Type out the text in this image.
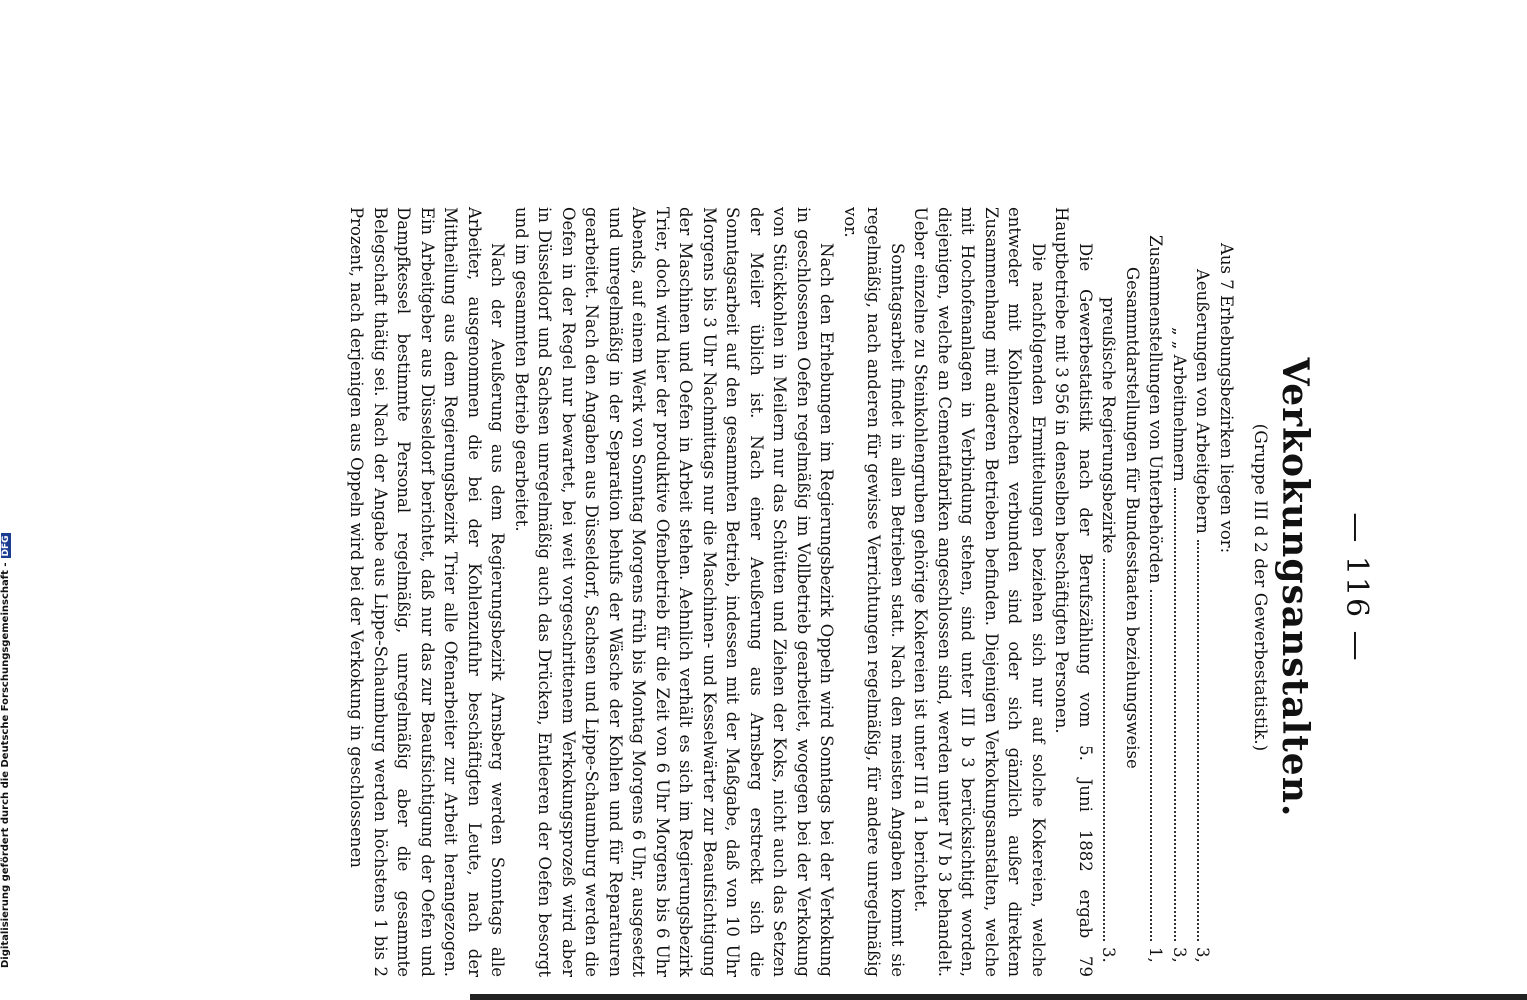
— 116 —
Verkokungsanstalten.
(Gruppe III d 2 der Gewerbestatistik.)

Aus 7 Erhebungsbezirken liegen vor:

Aeußerungen von Arbeitgebern
3,
„ „ Arbeitnehmern
3,
Zusammenstellungen von Unterbehörden
1,
Gesammtdarstellungen für Bundesstaaten beziehungsweise
preußische Regierungsbezirke
3.

Die Gewerbestatistik nach der Berufszählung vom 5. Juni 1882 ergab 79 Hauptbetriebe mit 3 956 in denselben beschäftigten Personen.

Die nachfolgenden Ermittelungen beziehen sich nur auf solche Kokereien, welche entweder mit Kohlenzechen verbunden sind oder sich gänzlich außer direktem Zusammenhang mit anderen Betrieben befinden. Diejenigen Verkokungsanstalten, welche mit Hochofenanlagen in Verbindung stehen, sind unter III b 3 berücksichtigt worden, diejenigen, welche an Cementfabriken angeschlossen sind, werden unter IV b 3 behandelt. Ueber einzelne zu Steinkohlengruben gehörige Kokereien ist unter III a 1 berichtet.

Sonntagsarbeit findet in allen Betrieben statt. Nach den meisten Angaben kommt sie regelmäßig, nach anderen für gewisse Verrichtungen regelmäßig, für andere unregelmäßig vor.

Nach den Erhebungen im Regierungsbezirk Oppeln wird Sonntags bei der Verkokung in geschlossenen Oefen regelmäßig im Vollbetrieb gearbeitet, wogegen bei der Verkokung von Stückkohlen in Meilern nur das Schütten und Ziehen der Koks, nicht auch das Setzen der Meiler üblich ist. Nach einer Aeußerung aus Arnsberg erstreckt sich die Sonntagsarbeit auf den gesammten Betrieb, indessen mit der Maßgabe, daß von 10 Uhr Morgens bis 3 Uhr Nachmittags nur die Maschinen- und Kesselwärter zur Beaufsichtigung der Maschinen und Oefen in Arbeit stehen. Aehnlich verhält es sich im Regierungsbezirk Trier, doch wird hier der produktive Ofenbetrieb für die Zeit von 6 Uhr Morgens bis 6 Uhr Abends, auf einem Werk von Sonntag Morgens früh bis Montag Morgens 6 Uhr, ausgesetzt und unregelmäßig in der Separation behufs der Wäsche der Kohlen und für Reparaturen gearbeitet. Nach den Angaben aus Düsseldorf, Sachsen und Lippe-Schaumburg werden die Oefen in der Regel nur bewartet, bei weit vorgeschrittenem Verkokungsprozeß wird aber in Düsseldorf und Sachsen unregelmäßig auch das Drücken, Entleeren der Oefen besorgt und im gesammten Betrieb gearbeitet.

Nach der Aeußerung aus dem Regierungsbezirk Arnsberg werden Sonntags alle Arbeiter, ausgenommen die bei der Kohlenzufuhr beschäftigten Leute, nach der Mittheilung aus dem Regierungsbezirk Trier alle Ofenarbeiter zur Arbeit herangezogen. Ein Arbeitgeber aus Düsseldorf berichtet, daß nur das zur Beaufsichtigung der Oefen und Dampfkessel bestimmte Personal regelmäßig, unregelmäßig aber die gesammte Belegschaft thätig sei. Nach der Angabe aus Lippe-Schaumburg werden höchstens 1 bis 2 Prozent, nach derjenigen aus Oppeln wird bei der Verkokung in geschlossenen

Digitalisierung gefördert durch die Deutsche Forschungsgemeinschaft -DFG
